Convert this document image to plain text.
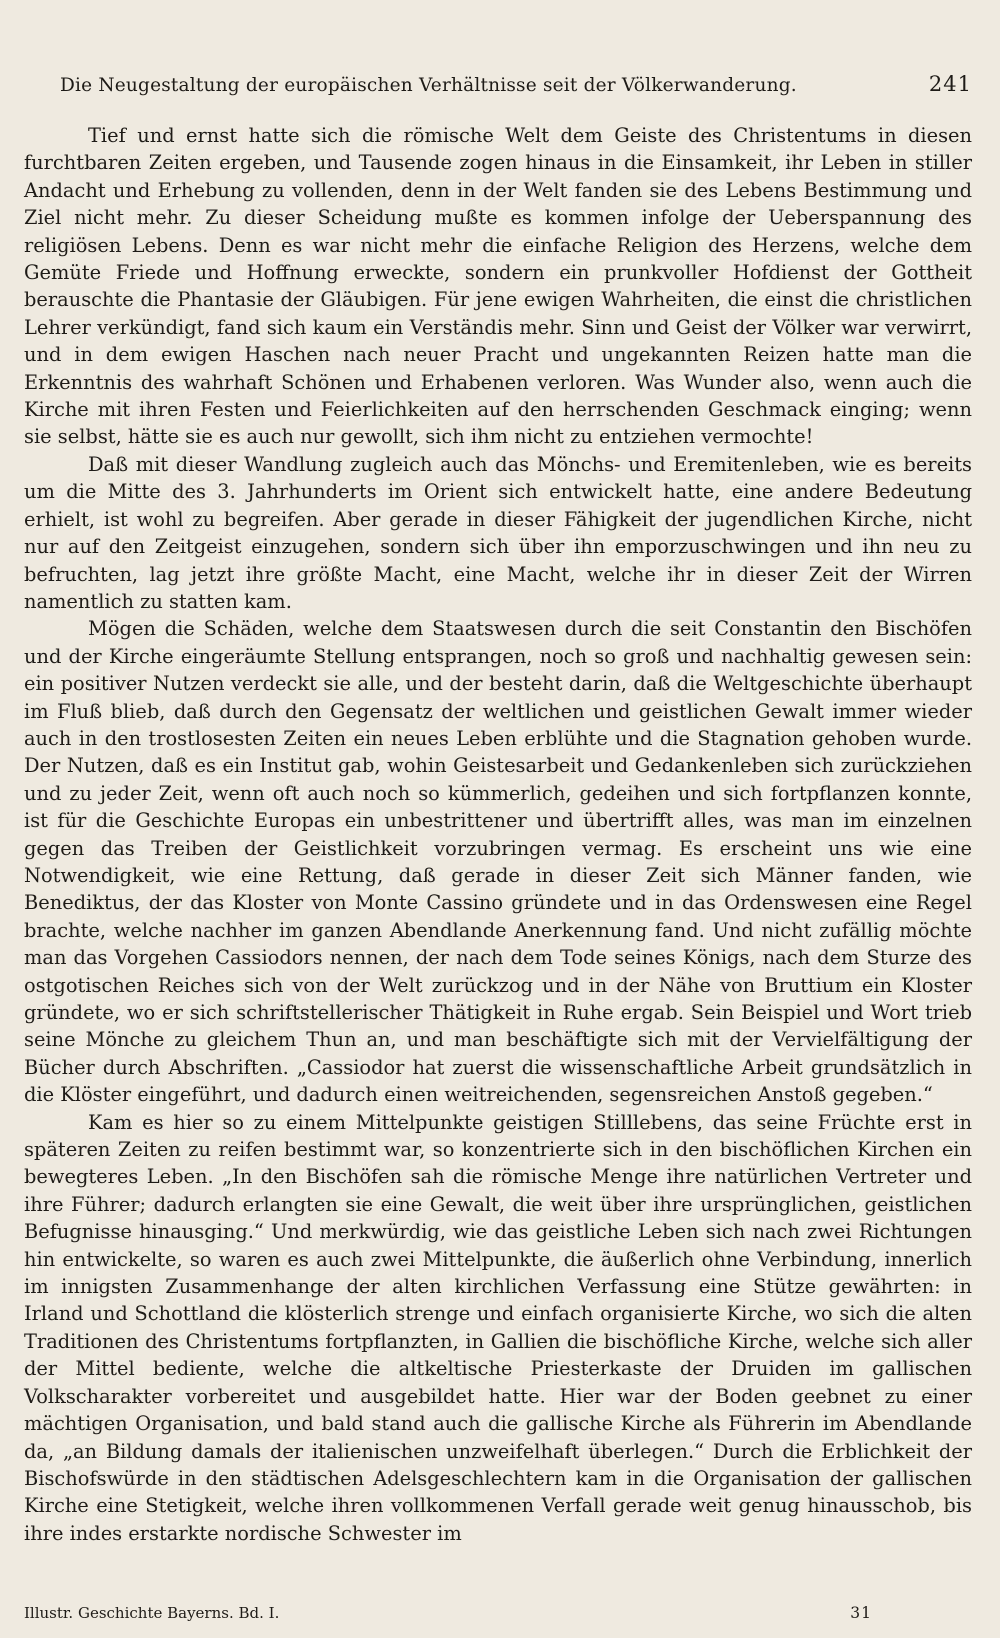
Die Neugestaltung der europäischen Verhältnisse seit der Völkerwanderung.	241

Tief und ernst hatte sich die römische Welt dem Geiste des Christentums in diesen furchtbaren Zeiten ergeben, und Tausende zogen hinaus in die Einsamkeit, ihr Leben in stiller Andacht und Erhebung zu vollenden, denn in der Welt fanden sie des Lebens Bestimmung und Ziel nicht mehr. Zu dieser Scheidung mußte es kommen infolge der Ueberspannung des religiösen Lebens. Denn es war nicht mehr die einfache Religion des Herzens, welche dem Gemüte Friede und Hoffnung erweckte, sondern ein prunkvoller Hofdienst der Gottheit berauschte die Phantasie der Gläubigen. Für jene ewigen Wahrheiten, die einst die christlichen Lehrer verkündigt, fand sich kaum ein Verständis mehr. Sinn und Geist der Völker war verwirrt, und in dem ewigen Haschen nach neuer Pracht und ungekannten Reizen hatte man die Erkenntnis des wahrhaft Schönen und Erhabenen verloren. Was Wunder also, wenn auch die Kirche mit ihren Festen und Feierlichkeiten auf den herrschenden Geschmack einging; wenn sie selbst, hätte sie es auch nur gewollt, sich ihm nicht zu entziehen vermochte!

Daß mit dieser Wandlung zugleich auch das Mönchs- und Eremitenleben, wie es bereits um die Mitte des 3. Jahrhunderts im Orient sich entwickelt hatte, eine andere Bedeutung erhielt, ist wohl zu begreifen. Aber gerade in dieser Fähigkeit der jugendlichen Kirche, nicht nur auf den Zeitgeist einzugehen, sondern sich über ihn emporzuschwingen und ihn neu zu befruchten, lag jetzt ihre größte Macht, eine Macht, welche ihr in dieser Zeit der Wirren namentlich zu statten kam.

Mögen die Schäden, welche dem Staatswesen durch die seit Constantin den Bischöfen und der Kirche eingeräumte Stellung entsprangen, noch so groß und nachhaltig gewesen sein: ein positiver Nutzen verdeckt sie alle, und der besteht darin, daß die Weltgeschichte überhaupt im Fluß blieb, daß durch den Gegensatz der weltlichen und geistlichen Gewalt immer wieder auch in den trostlosesten Zeiten ein neues Leben erblühte und die Stagnation gehoben wurde. Der Nutzen, daß es ein Institut gab, wohin Geistesarbeit und Gedankenleben sich zurückziehen und zu jeder Zeit, wenn oft auch noch so kümmerlich, gedeihen und sich fortpflanzen konnte, ist für die Geschichte Europas ein unbestrittener und übertrifft alles, was man im einzelnen gegen das Treiben der Geistlichkeit vorzubringen vermag. Es erscheint uns wie eine Notwendigkeit, wie eine Rettung, daß gerade in dieser Zeit sich Männer fanden, wie Benediktus, der das Kloster von Monte Cassino gründete und in das Ordenswesen eine Regel brachte, welche nachher im ganzen Abendlande Anerkennung fand. Und nicht zufällig möchte man das Vorgehen Cassiodors nennen, der nach dem Tode seines Königs, nach dem Sturze des ostgotischen Reiches sich von der Welt zurückzog und in der Nähe von Bruttium ein Kloster gründete, wo er sich schriftstellerischer Thätigkeit in Ruhe ergab. Sein Beispiel und Wort trieb seine Mönche zu gleichem Thun an, und man beschäftigte sich mit der Vervielfältigung der Bücher durch Abschriften. „Cassiodor hat zuerst die wissenschaftliche Arbeit grundsätzlich in die Klöster eingeführt, und dadurch einen weitreichenden, segensreichen Anstoß gegeben.“

Kam es hier so zu einem Mittelpunkte geistigen Stilllebens, das seine Früchte erst in späteren Zeiten zu reifen bestimmt war, so konzentrierte sich in den bischöflichen Kirchen ein bewegteres Leben. „In den Bischöfen sah die römische Menge ihre natürlichen Vertreter und ihre Führer; dadurch erlangten sie eine Gewalt, die weit über ihre ursprünglichen, geistlichen Befugnisse hinausging.“ Und merkwürdig, wie das geistliche Leben sich nach zwei Richtungen hin entwickelte, so waren es auch zwei Mittelpunkte, die äußerlich ohne Verbindung, innerlich im innigsten Zusammenhange der alten kirchlichen Verfassung eine Stütze gewährten: in Irland und Schottland die klösterlich strenge und einfach organisierte Kirche, wo sich die alten Traditionen des Christentums fortpflanzten, in Gallien die bischöfliche Kirche, welche sich aller der Mittel bediente, welche die altkeltische Priesterkaste der Druiden im gallischen Volkscharakter vorbereitet und ausgebildet hatte. Hier war der Boden geebnet zu einer mächtigen Organisation, und bald stand auch die gallische Kirche als Führerin im Abendlande da, „an Bildung damals der italienischen unzweifelhaft überlegen.“ Durch die Erblichkeit der Bischofswürde in den städtischen Adelsgeschlechtern kam in die Organisation der gallischen Kirche eine Stetigkeit, welche ihren vollkommenen Verfall gerade weit genug hinausschob, bis ihre indes erstarkte nordische Schwester im

Illustr. Geschichte Bayerns. Bd. I.	31
